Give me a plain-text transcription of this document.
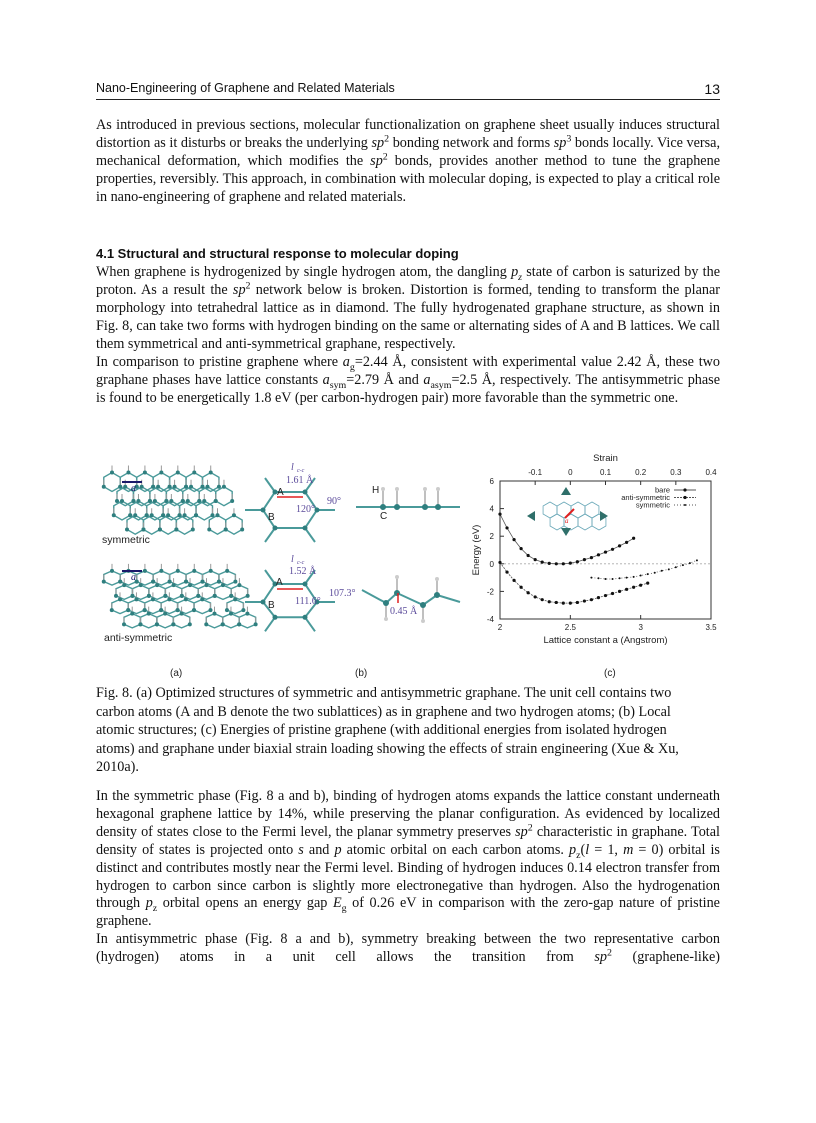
Nano-Engineering of Graphene and Related Materials	13

As introduced in previous sections, molecular functionalization on graphene sheet usually induces structural distortion as it disturbs or breaks the underlying $sp^2$ bonding network and forms $sp^3$ bonds locally. Vice versa, mechanical deformation, which modifies the $sp^2$ bonds, provides another method to tune the graphene properties, reversibly. This approach, in combination with molecular doping, is expected to play a critical role in nano-engineering of graphene and related materials.

4.1 Structural and structural response to molecular doping

When graphene is hydrogenized by single hydrogen atom, the dangling $p_z$ state of carbon is saturized by the proton. As a result the $sp^2$ network below is broken. Distortion is formed, tending to transform the planar morphology into tetrahedral lattice as in diamond. The fully hydrogenated graphane structure, as shown in Fig. 8, can take two forms with hydrogen binding on the same or alternating sides of A and B lattices. We call them symmetrical and anti-symmetrical graphane, respectively.

In comparison to pristine graphene where $a_g=2.44$ Å, consistent with experimental value 2.42 Å, these two graphane phases have lattice constants $a_{sym}=2.79$ Å and $a_{asym}=2.5$ Å, respectively. The antisymmetric phase is found to be energetically 1.8 eV (per carbon-hydrogen pair) more favorable than the symmetric one.

a
a
symmetric
anti-symmetric
(a)
l c-c
1.61 Å
120°
90°
A
B
l c-c
1.52 Å
111.6°
107.3°
A
B
H
C
0.45 Å
(b)
2	2.5	3	3.5
-4
-2
0
2
4
6
-0.1	0	0.1	0.2	0.3	0.4
Strain
Lattice constant a (Angstrom)
Energy (eV)
bare
anti-symmetric
symmetric
a
(c)

Fig. 8. (a) Optimized structures of symmetric and antisymmetric graphane. The unit cell contains two carbon atoms (A and B denote the two sublattices) as in graphene and two hydrogen atoms; (b) Local atomic structures; (c) Energies of pristine graphene (with additional energies from isolated hydrogen atoms) and graphane under biaxial strain loading showing the effects of strain engineering (Xue & Xu, 2010a).

In the symmetric phase (Fig. 8 a and b), binding of hydrogen atoms expands the lattice constant underneath hexagonal graphene lattice by 14%, while preserving the planar configuration. As evidenced by localized density of states close to the Fermi level, the planar symmetry preserves $sp^2$ characteristic in graphane. Total density of states is projected onto s and p atomic orbital on each carbon atoms. $p_z(l = 1$, m = 0) orbital is distinct and contributes mostly near the Fermi level. Binding of hydrogen induces 0.14 electron transfer from hydrogen to carbon since carbon is slightly more electronegative than hydrogen. Also the hydrogenation through $p_z$ orbital opens an energy gap $E_g$ of 0.26 eV in comparison with the zero-gap nature of pristine graphene.

In antisymmetric phase (Fig. 8 a and b), symmetry breaking between the two representative carbon (hydrogen) atoms in a unit cell allows the transition from $sp^2$ (graphene-like)
